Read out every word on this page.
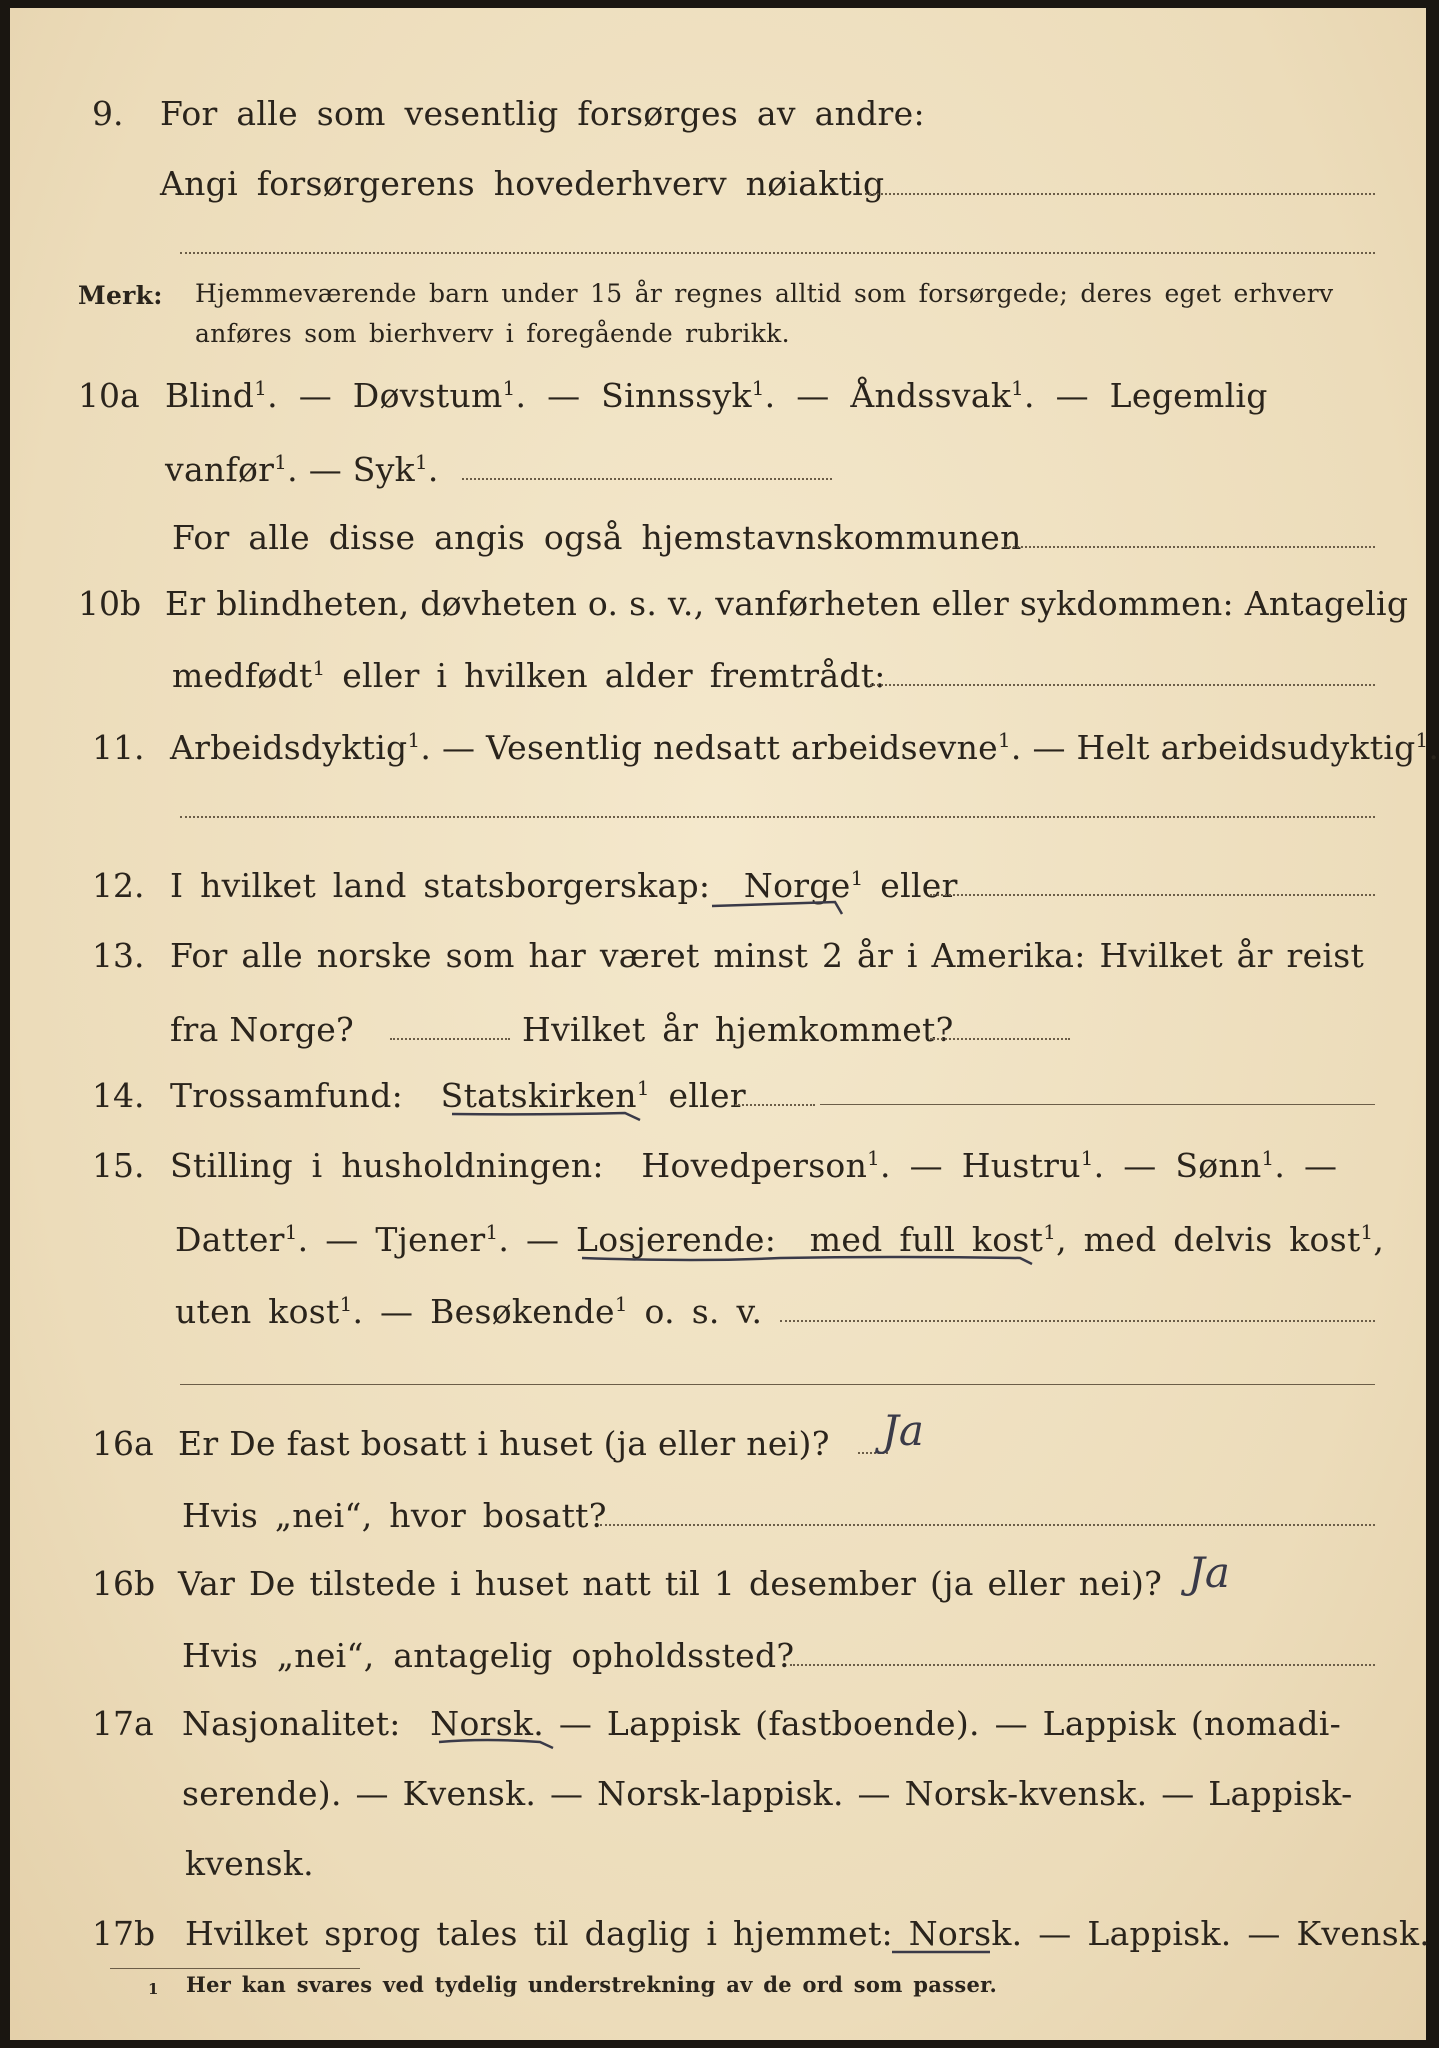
9. For alle som vesentlig forsørges av andre:
Angi forsørgerens hovederhverv nøiaktig
Merk: Hjemmeværende barn under 15 år regnes alltid som forsørgede; deres eget erhverv
anføres som bierhverv i foregående rubrikk.
10a Blind$^1$. — Døvstum$^1$. — Sinnssyk$^1$. — Åndssvak$^1$. — Legemlig
vanfør$^1$. — Syk$^1$.
For alle disse angis også hjemstavnskommunen
10b Er blindheten, døvheten o. s. v., vanførheten eller sykdommen: Antagelig
medfødt$^1$ eller i hvilken alder fremtrådt:
11. Arbeidsdyktig$^1$. — Vesentlig nedsatt arbeidsevne$^1$. — Helt arbeidsudyktig$^1$.
12. I hvilket land statsborgerskap: Norge$^1$ eller
13. For alle norske som har været minst 2 år i Amerika: Hvilket år reist
fra Norge?	Hvilket år hjemkommet?
14. Trossamfund: Statskirken$^1$ eller
15. Stilling i husholdningen: Hovedperson$^1$. — Hustru$^1$. — Sønn$^1$. —
Datter$^1$. — Tjener$^1$. — Losjerende: med full kost$^1$, med delvis kost$^1$,
uten kost$^1$. — Besøkende$^1$ o. s. v.
16a Er De fast bosatt i huset (ja eller nei)? Ja
Hvis „nei“, hvor bosatt?
16b Var De tilstede i huset natt til 1 desember (ja eller nei)? Ja
Hvis „nei“, antagelig opholdssted?
17a Nasjonalitet: Norsk. — Lappisk (fastboende). — Lappisk (nomadi-
serende). — Kvensk. — Norsk-lappisk. — Norsk-kvensk. — Lappisk-
kvensk.
17b Hvilket sprog tales til daglig i hjemmet: Norsk. — Lappisk. — Kvensk.
1 Her kan svares ved tydelig understrekning av de ord som passer.
